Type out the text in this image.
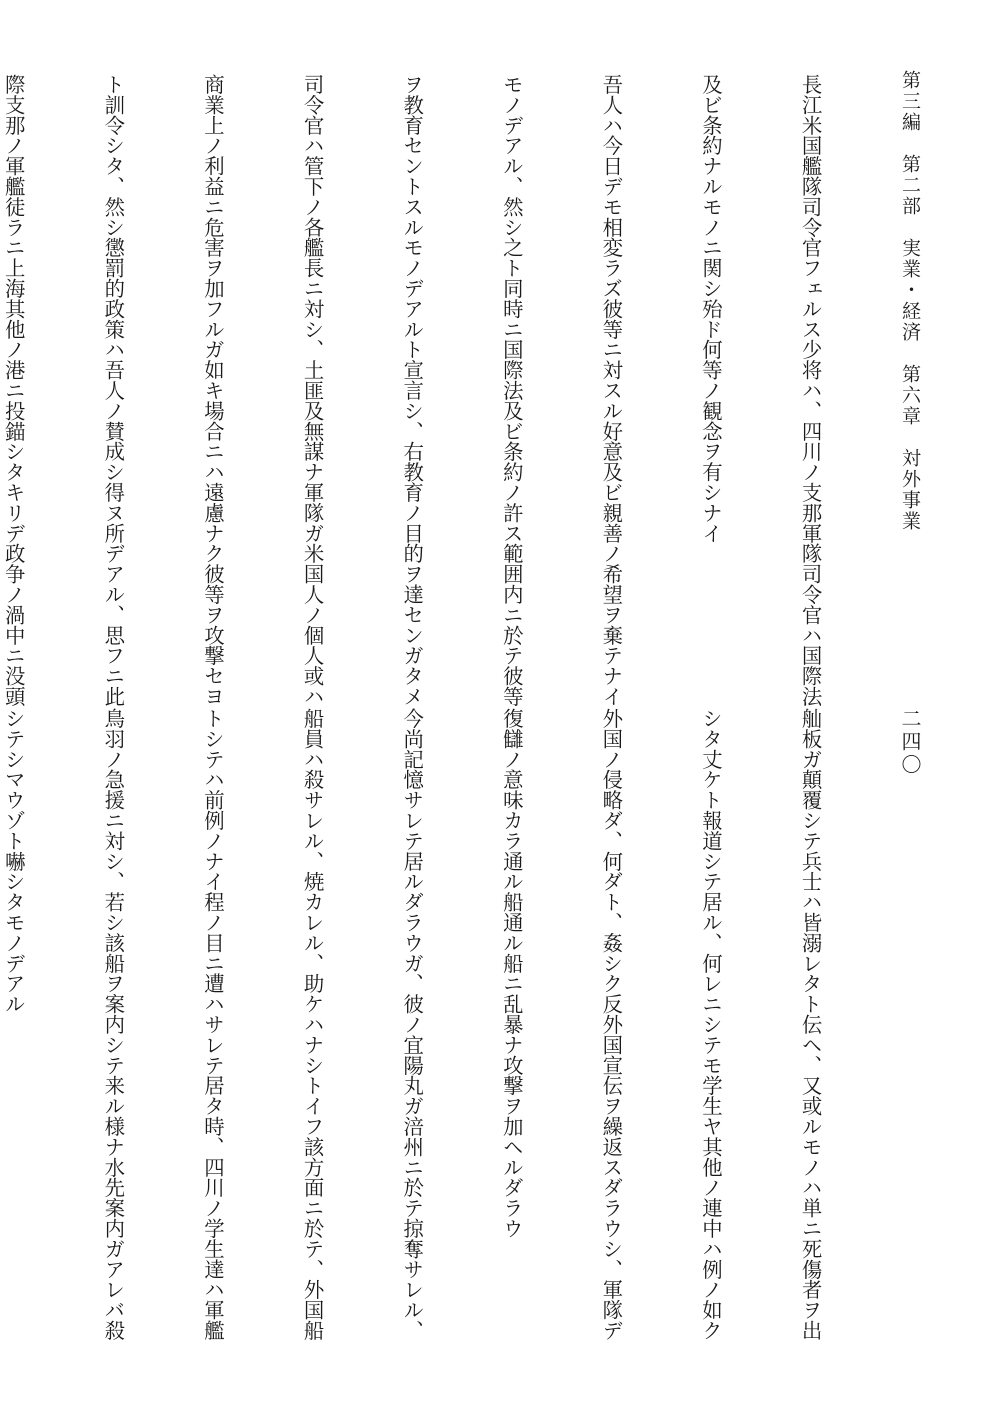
第三編　第二部　実業・経済　第六章　対外事業
二四〇

長江米国艦隊司令官フェルス少将ハ、四川ノ支那軍隊司令官ハ国際法

及ビ条約ナルモノニ関シ殆ド何等ノ観念ヲ有シナイ

吾人ハ今日デモ相変ラズ彼等ニ対スル好意及ビ親善ノ希望ヲ棄テナイ

モノデアル、然シ之ト同時ニ国際法及ビ条約ノ許ス範囲内ニ於テ彼等

ヲ教育セントスルモノデアルト宣言シ、右教育ノ目的ヲ達センガタメ

司令官ハ管下ノ各艦長ニ対シ、土匪及無謀ナ軍隊ガ米国人ノ個人或ハ

商業上ノ利益ニ危害ヲ加フルガ如キ場合ニハ遠慮ナク彼等ヲ攻撃セヨ

ト訓令シタ、然シ懲罰的政策ハ吾人ノ賛成シ得ヌ所デアル、思フニ此

際支那ノ軍艦徒ラニ上海其他ノ港ニ投錨シタキリデ政争ノ渦中ニ没頭

舢板ガ顛覆シテ兵士ハ皆溺レタト伝ヘ、又或ルモノハ単ニ死傷者ヲ出

シタ丈ケト報道シテ居ル、何レニシテモ学生ヤ其他ノ連中ハ例ノ如ク

外国ノ侵略ダ、何ダト、姦シク反外国宣伝ヲ繰返スダラウシ、軍隊デ

復讎ノ意味カラ通ル船通ル船ニ乱暴ナ攻撃ヲ加ヘルダラウ

今尚記憶サレテ居ルダラウガ、彼ノ宜陽丸ガ涪州ニ於テ掠奪サレル、

船員ハ殺サレル、焼カレル、助ケハナシトイフ該方面ニ於テ、外国船

トシテハ前例ノナイ程ノ目ニ遭ハサレテ居タ時、四川ノ学生達ハ軍艦

鳥羽ノ急援ニ対シ、若シ該船ヲ案内シテ来ル様ナ水先案内ガアレバ殺

シテシマウゾト嚇シタモノデアル
